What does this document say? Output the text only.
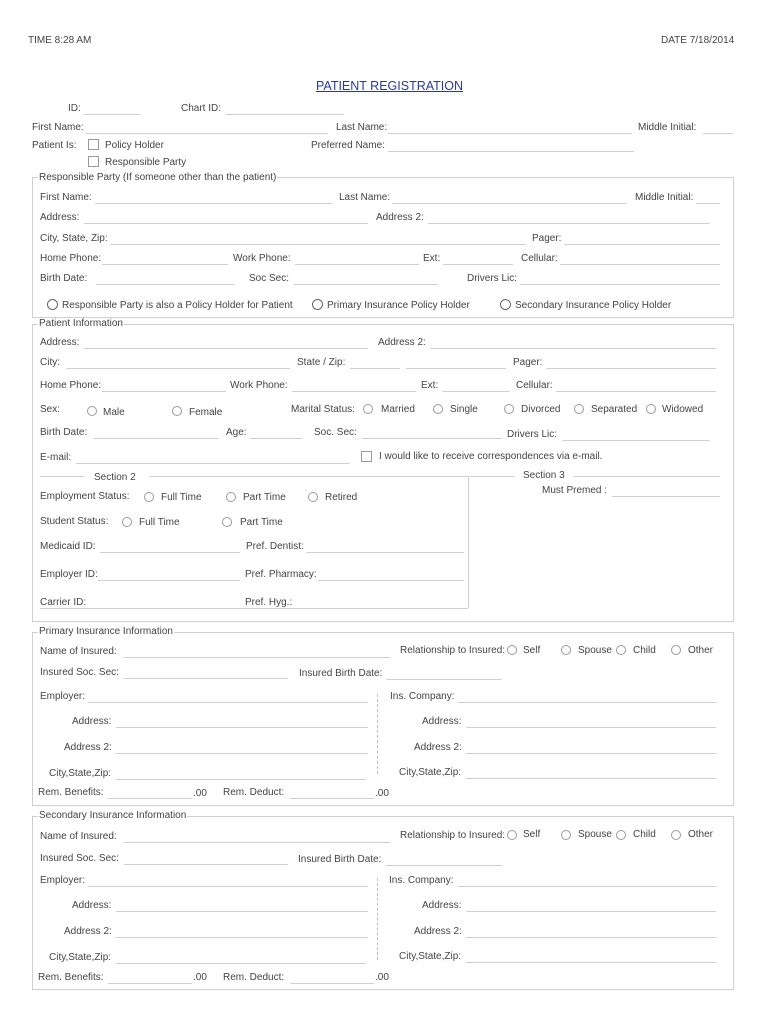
TIME 8:28 AM	DATE 7/18/2014
PATIENT REGISTRATION
ID:	Chart ID:
First Name:	Last Name:	Middle Initial:
Patient Is:	Policy Holder
Responsible Party
Preferred Name:
Responsible Party (If someone other than the patient)
First Name:	Last Name:	Middle Initial:
Address:	Address 2:
City, State, Zip:	Pager:
Home Phone:	Work Phone:	Ext:	Cellular:
Birth Date:	Soc Sec:	Drivers Lic:
Responsible Party is also a Policy Holder for Patient	Primary Insurance Policy Holder	Secondary Insurance Policy Holder
Patient Information
Address:	Address 2:
City:	State / Zip:	Pager:
Home Phone:	Work Phone:	Ext:	Cellular:
Sex:	Male	Female	Marital Status:	Married	Single	Divorced	Separated Widowed
Birth Date:	Age:	Soc. Sec:	Drivers Lic:
E-mail:	I would like to receive correspondences via e-mail.
Section 2
Employment Status:	Full Time	Part Time	Retired
Student Status:	Full Time	Part Time
Medicaid ID:	Pref. Dentist:
Employer ID:	Pref. Pharmacy:
Carrier ID:	Pref. Hyg.:
Section 3
Must Premed :
Primary Insurance Information
Name of Insured:	Relationship to Insured: Self	Spouse Child	Other
Insured Soc. Sec:	Insured Birth Date:
Employer:	Ins. Company:
Address:	Address:
Address 2:	Address 2:
City,State,Zip:	City,State,Zip:
Rem. Benefits:	.00 Rem. Deduct:	.00
Secondary Insurance Information
Name of Insured:	Relationship to Insured: Self	Spouse Child	Other
Insured Soc. Sec:	Insured Birth Date:
Employer:	Ins. Company:
Address:	Address:
Address 2:	Address 2:
City,State,Zip:	City,State,Zip:
Rem. Benefits:	.00 Rem. Deduct:	.00
